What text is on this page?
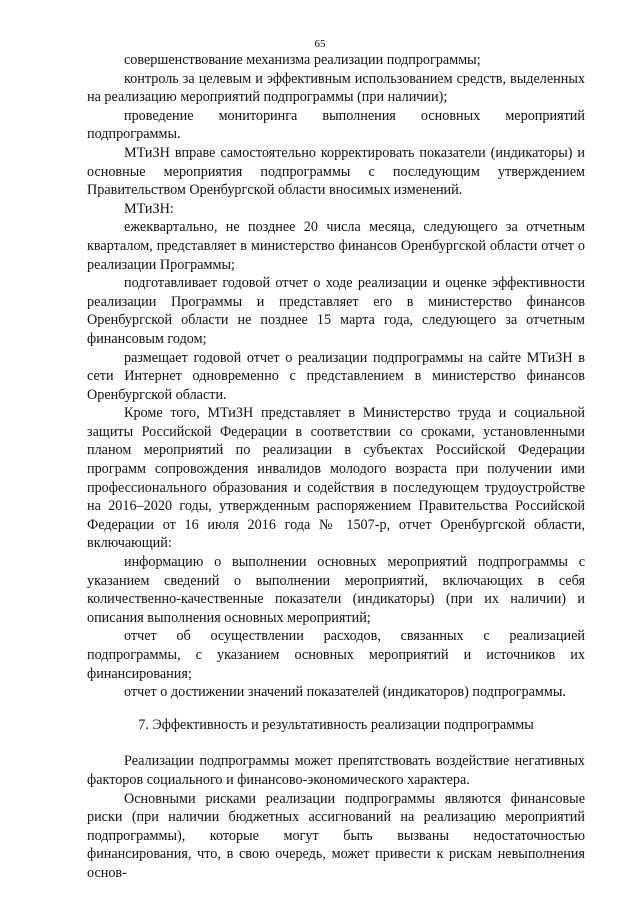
65

совершенствование механизма реализации подпрограммы;

контроль за целевым и эффективным использованием средств, выделенных на реализацию мероприятий подпрограммы (при наличии);

проведение мониторинга выполнения основных мероприятий подпрограммы.

МТиЗН вправе самостоятельно корректировать показатели (индикаторы) и основные мероприятия подпрограммы с последующим утверждением Правительством Оренбургской области вносимых изменений.

МТиЗН:

ежеквартально, не позднее 20 числа месяца, следующего за отчетным кварталом, представляет в министерство финансов Оренбургской области отчет о реализации Программы;

подготавливает годовой отчет о ходе реализации и оценке эффективности реализации Программы и представляет его в министерство финансов Оренбургской области не позднее 15 марта года, следующего за отчетным финансовым годом;

размещает годовой отчет о реализации подпрограммы на сайте МТиЗН в сети Интернет одновременно с представлением в министерство финансов Оренбургской области.

Кроме того, МТиЗН представляет в Министерство труда и социальной защиты Российской Федерации в соответствии со сроками, установленными планом мероприятий по реализации в субъектах Российской Федерации программ сопровождения инвалидов молодого возраста при получении ими профессионального образования и содействия в последующем трудоустройстве на 2016–2020 годы, утвержденным распоряжением Правительства Российской Федерации от 16 июля 2016 года № 1507-р, отчет Оренбургской области, включающий:

информацию о выполнении основных мероприятий подпрограммы с указанием сведений о выполнении мероприятий, включающих в себя количественно-качественные показатели (индикаторы) (при их наличии) и описания выполнения основных мероприятий;

отчет об осуществлении расходов, связанных с реализацией подпрограммы, с указанием основных мероприятий и источников их финансирования;

отчет о достижении значений показателей (индикаторов) подпрограммы.

7. Эффективность и результативность реализации подпрограммы

Реализации подпрограммы может препятствовать воздействие негативных факторов социального и финансово-экономического характера.

Основными рисками реализации подпрограммы являются финансовые риски (при наличии бюджетных ассигнований на реализацию мероприятий подпрограммы), которые могут быть вызваны недостаточностью финансирования, что, в свою очередь, может привести к рискам невыполнения основ-
